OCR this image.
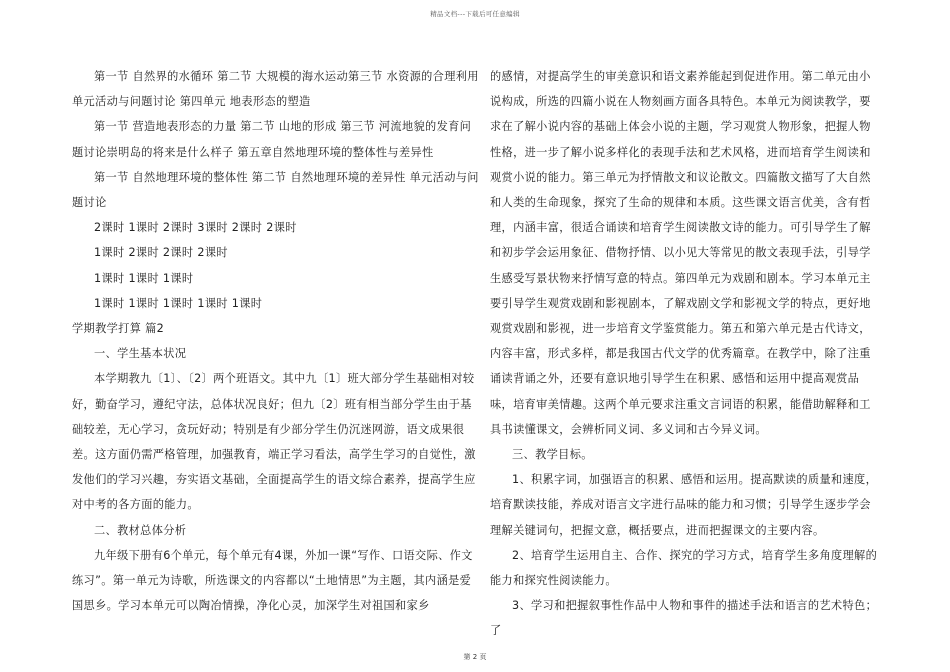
精品文档---下载后可任意编辑

第一节 自然界的水循环 第二节 大规模的海水运动第三节 水资源的合理利用 单元活动与问题讨论 第四单元 地表形态的塑造

第一节 营造地表形态的力量 第二节 山地的形成 第三节 河流地貌的发育问题讨论崇明岛的将来是什么样子 第五章自然地理环境的整体性与差异性

第一节 自然地理环境的整体性 第二节 自然地理环境的差异性 单元活动与问题讨论

2课时 1课时 2课时 3课时 2课时 2课时

1课时 2课时 2课时 2课时

1课时 1课时 1课时

1课时 1课时 1课时 1课时 1课时

学期教学打算 篇2

一、学生基本状况

本学期教九〔1〕、〔2〕两个班语文。其中九〔1〕班大部分学生基础相对较好，勤奋学习，遵纪守法，总体状况良好；但九〔2〕班有相当部分学生由于基础较差，无心学习，贪玩好动；特别是有少部分学生仍沉迷网游，语文成果很差。这方面仍需严格管理，加强教育，端正学习看法，高学生学习的自觉性，激发他们的学习兴趣，夯实语文基础，全面提高学生的语文综合素养，提高学生应对中考的各方面的能力。

二、教材总体分析

九年级下册有6个单元，每个单元有4课，外加一课“写作、口语交际、作文练习”。第一单元为诗歌，所选课文的内容都以“土地情思”为主题，其内涵是爱国思乡。学习本单元可以陶冶情操，净化心灵，加深学生对祖国和家乡

的感情，对提高学生的审美意识和语文素养能起到促进作用。第二单元由小说构成，所选的四篇小说在人物刻画方面各具特色。本单元为阅读教学，要求在了解小说内容的基础上体会小说的主题，学习观赏人物形象，把握人物性格，进一步了解小说多样化的表现手法和艺术风格，进而培育学生阅读和观赏小说的能力。第三单元为抒情散文和议论散文。四篇散文描写了大自然和人类的生命现象，探究了生命的规律和本质。这些课文语言优美，含有哲理，内涵丰富，很适合诵读和培育学生阅读散文诗的能力。可引导学生了解和初步学会运用象征、借物抒情、以小见大等常见的散文表现手法，引导学生感受写景状物来抒情写意的特点。第四单元为戏剧和剧本。学习本单元主要引导学生观赏戏剧和影视剧本，了解戏剧文学和影视文学的特点，更好地观赏戏剧和影视，进一步培育文学鉴赏能力。第五和第六单元是古代诗文，内容丰富，形式多样，都是我国古代文学的优秀篇章。在教学中，除了注重诵读背诵之外，还要有意识地引导学生在积累、感悟和运用中提高观赏品味，培育审美情趣。这两个单元要求注重文言词语的积累，能借助解释和工具书读懂课文，会辨析同义词、多义词和古今异义词。

三、教学目标。

1、积累字词，加强语言的积累、感悟和运用。提高默读的质量和速度，培育默读技能，养成对语言文字进行品味的能力和习惯；引导学生逐步学会理解关键词句，把握文意，概括要点，进而把握课文的主要内容。

2、培育学生运用自主、合作、探究的学习方式，培育学生多角度理解的能力和探究性阅读能力。

3、学习和把握叙事性作品中人物和事件的描述手法和语言的艺术特色；了

第 2 页
